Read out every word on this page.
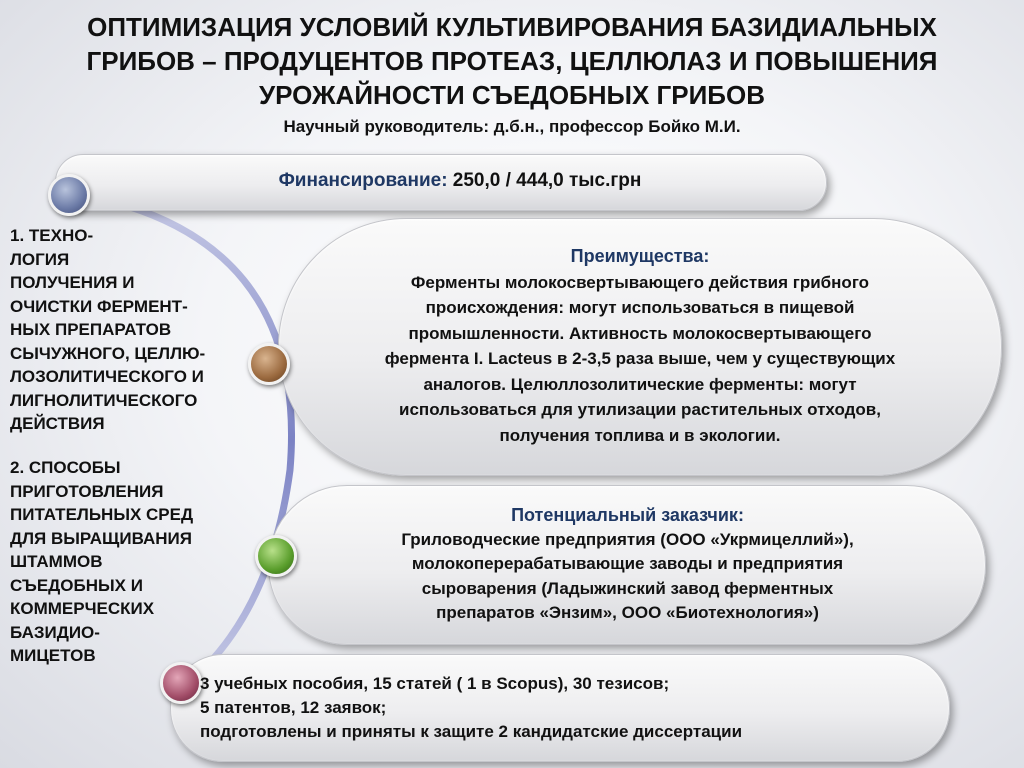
ОПТИМИЗАЦИЯ УСЛОВИЙ КУЛЬТИВИРОВАНИЯ БАЗИДИАЛЬНЫХ
ГРИБОВ – ПРОДУЦЕНТОВ ПРОТЕАЗ, ЦЕЛЛЮЛАЗ И ПОВЫШЕНИЯ
УРОЖАЙНОСТИ СЪЕДОБНЫХ ГРИБОВ
Научный руководитель: д.б.н., профессор Бойко М.И.
Финансирование: 250,0 / 444,0 тыс.грн
Преимущества:
Ферменты молокосвертывающего действия грибного
происхождения: могут использоваться в пищевой
промышленности. Активность молокосвертывающего
фермента I. Lacteus в 2-3,5 раза выше, чем у существующих
аналогов. Целюллозолитические ферменты: могут
использоваться для утилизации растительных отходов,
получения топлива и в экологии.
Потенциальный заказчик:
Гриловодческие предприятия (ООО «Укрмицеллий»),
молокоперерабатывающие заводы и предприятия
сыроварения (Ладыжинский завод ферментных
препаратов «Энзим», ООО «Биотехнология»)
3 учебных пособия, 15 статей ( 1 в Scopus), 30 тезисов;
5 патентов, 12 заявок;
подготовлены и приняты к защите 2 кандидатские диссертации
1. ТЕХНО-
ЛОГИЯ
ПОЛУЧЕНИЯ И
ОЧИСТКИ ФЕРМЕНТ-
НЫХ ПРЕПАРАТОВ
СЫЧУЖНОГО, ЦЕЛЛЮ-
ЛОЗОЛИТИЧЕСКОГО И
ЛИГНОЛИТИЧЕСКОГО
ДЕЙСТВИЯ
2. СПОСОБЫ
ПРИГОТОВЛЕНИЯ
ПИТАТЕЛЬНЫХ СРЕД
ДЛЯ ВЫРАЩИВАНИЯ
ШТАММОВ
СЪЕДОБНЫХ И
КОММЕРЧЕСКИХ
БАЗИДИО-
МИЦЕТОВ
